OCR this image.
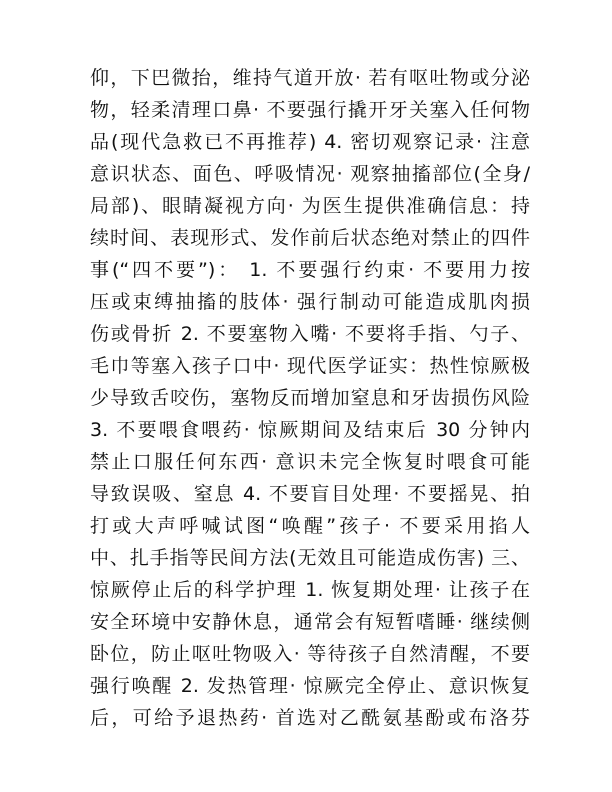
仰，下巴微抬，维持气道开放· 若有呕吐物或分泌
物，轻柔清理口鼻· 不要强行撬开牙关塞入任何物
品(现代急救已不再推荐) 4. 密切观察记录· 注意
意识状态、面色、呼吸情况· 观察抽搐部位(全身/
局部)、眼睛凝视方向· 为医生提供准确信息：持
续时间、表现形式、发作前后状态绝对禁止的四件
事(“四不要”)： 1. 不要强行约束· 不要用力按
压或束缚抽搐的肢体· 强行制动可能造成肌肉损
伤或骨折 2. 不要塞物入嘴· 不要将手指、勺子、
毛巾等塞入孩子口中· 现代医学证实：热性惊厥极
少导致舌咬伤，塞物反而增加窒息和牙齿损伤风险
3. 不要喂食喂药· 惊厥期间及结束后 30 分钟内
禁止口服任何东西· 意识未完全恢复时喂食可能
导致误吸、窒息 4. 不要盲目处理· 不要摇晃、拍
打或大声呼喊试图“唤醒”孩子· 不要采用掐人
中、扎手指等民间方法(无效且可能造成伤害) 三、
惊厥停止后的科学护理 1. 恢复期处理· 让孩子在
安全环境中安静休息，通常会有短暂嗜睡· 继续侧
卧位，防止呕吐物吸入· 等待孩子自然清醒，不要
强行唤醒 2. 发热管理· 惊厥完全停止、意识恢复
后，可给予退热药· 首选对乙酰氨基酚或布洛芬
